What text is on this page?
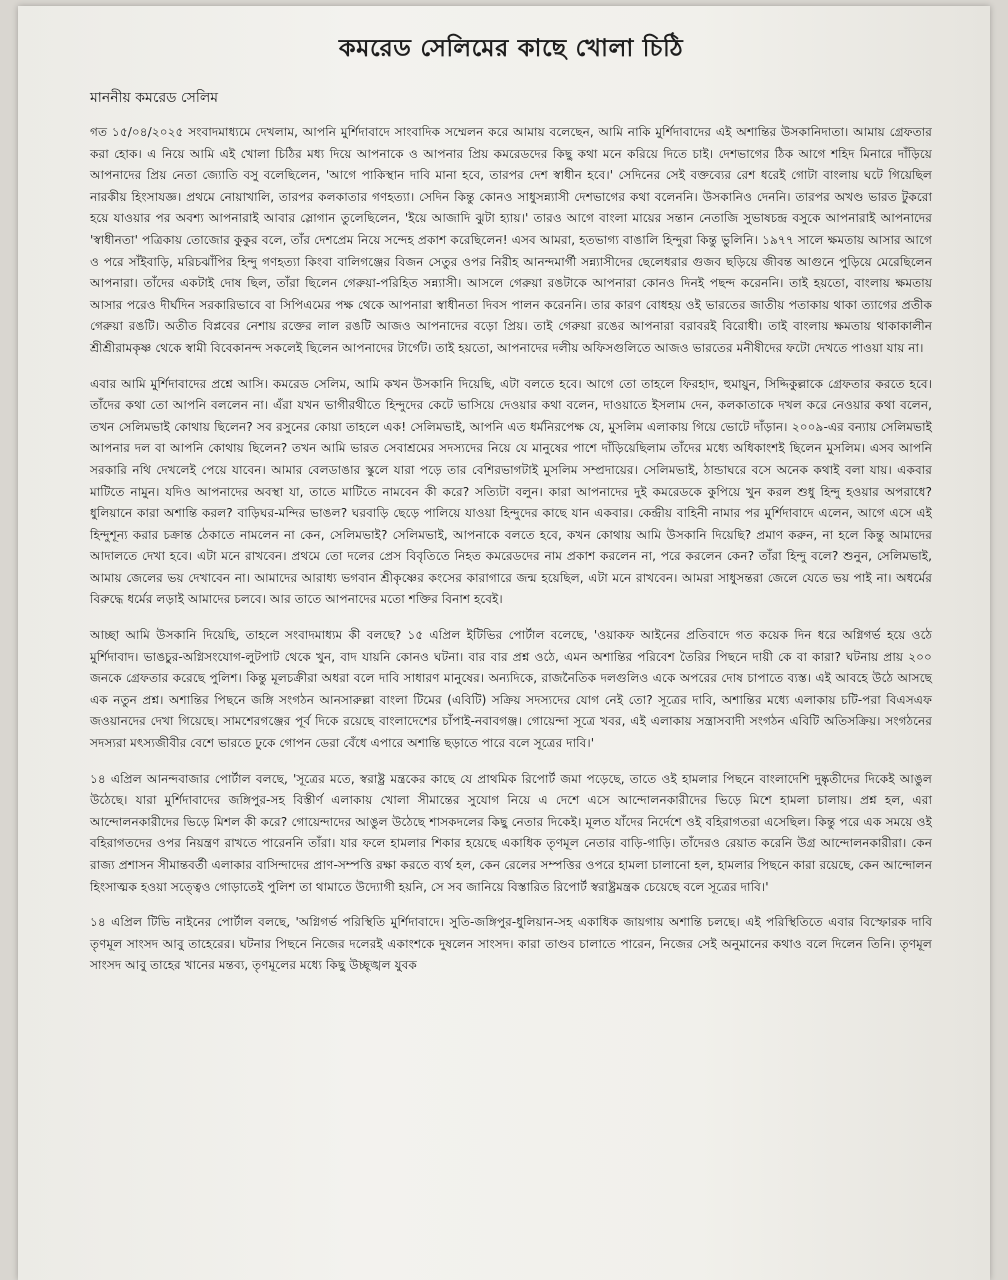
কমরেড সেলিমের কাছে খোলা চিঠি
মাননীয় কমরেড সেলিম

গত ১৫/০৪/২০২৫ সংবাদমাধ্যমে দেখলাম, আপনি মুর্শিদাবাদে সাংবাদিক সম্মেলন করে আমায় বলেছেন, আমি নাকি মুর্শিদাবাদের এই অশান্তির উসকানিদাতা। আমায় গ্রেফতার করা হোক। এ নিয়ে আমি এই খোলা চিঠির মধ্য দিয়ে আপনাকে ও আপনার প্রিয় কমরেডদের কিছু কথা মনে করিয়ে দিতে চাই। দেশভাগের ঠিক আগে শহিদ মিনারে দাঁড়িয়ে আপনাদের প্রিয় নেতা জ্যোতি বসু বলেছিলেন, 'আগে পাকিস্থান দাবি মানা হবে, তারপর দেশ স্বাধীন হবে।' সেদিনের সেই বক্তব্যের রেশ ধরেই গোটা বাংলায় ঘটে গিয়েছিল নারকীয় হিংসাযজ্ঞ। প্রথমে নোয়াখালি, তারপর কলকাতার গণহত্যা। সেদিন কিন্তু কোনও সাধুসন্ন্যাসী দেশভাগের কথা বলেননি। উসকানিও দেননি। তারপর অখণ্ড ভারত টুকরো হয়ে যাওয়ার পর অবশ্য আপনারাই আবার স্লোগান তুলেছিলেন, 'ইয়ে আজাদি ঝুটা হ্যায়।' তারও আগে বাংলা মায়ের সন্তান নেতাজি সুভাষচন্দ্র বসুকে আপনারাই আপনাদের 'স্বাধীনতা' পত্রিকায় তোজোর কুকুর বলে, তাঁর দেশপ্রেম নিয়ে সন্দেহ প্রকাশ করেছিলেন! এসব আমরা, হতভাগ্য বাঙালি হিন্দুরা কিন্তু ভুলিনি। ১৯৭৭ সালে ক্ষমতায় আসার আগে ও পরে সাঁইবাড়ি, মরিচঝাঁপির হিন্দু গণহত্যা কিংবা বালিগঞ্জের বিজন সেতুর ওপর নিরীহ আনন্দমার্গী সন্ন্যাসীদের ছেলেধরার গুজব ছড়িয়ে জীবন্ত আগুনে পুড়িয়ে মেরেছিলেন আপনারা। তাঁদের একটাই দোষ ছিল, তাঁরা ছিলেন গেরুয়া-পরিহিত সন্ন্যাসী। আসলে গেরুয়া রঙটাকে আপনারা কোনও দিনই পছন্দ করেননি। তাই হয়তো, বাংলায় ক্ষমতায় আসার পরেও দীর্ঘদিন সরকারিভাবে বা সিপিএমের পক্ষ থেকে আপনারা স্বাধীনতা দিবস পালন করেননি। তার কারণ বোধহয় ওই ভারতের জাতীয় পতাকায় থাকা ত্যাগের প্রতীক গেরুয়া রঙটি। অতীত বিপ্লবের নেশায় রক্তের লাল রঙটি আজও আপনাদের বড়ো প্রিয়। তাই গেরুয়া রঙের আপনারা বরাবরই বিরোধী। তাই বাংলায় ক্ষমতায় থাকাকালীন শ্রীশ্রীরামকৃষ্ণ থেকে স্বামী বিবেকানন্দ সকলেই ছিলেন আপনাদের টার্গেট। তাই হয়তো, আপনাদের দলীয় অফিসগুলিতে আজও ভারতের মনীষীদের ফটো দেখতে পাওয়া যায় না।

এবার আমি মুর্শিদাবাদের প্রশ্নে আসি। কমরেড সেলিম, আমি কখন উসকানি দিয়েছি, এটা বলতে হবে। আগে তো তাহলে ফিরহাদ, হুমায়ুন, সিদ্দিকুল্লাকে গ্রেফতার করতে হবে। তাঁদের কথা তো আপনি বললেন না। এঁরা যখন ভাগীরথীতে হিন্দুদের কেটে ভাসিয়ে দেওয়ার কথা বলেন, দাওয়াতে ইসলাম দেন, কলকাতাকে দখল করে নেওয়ার কথা বলেন, তখন সেলিমভাই কোথায় ছিলেন? সব রসুনের কোয়া তাহলে এক! সেলিমভাই, আপনি এত ধর্মনিরপেক্ষ যে, মুসলিম এলাকায় গিয়ে ভোটে দাঁড়ান। ২০০৯-এর বন্যায় সেলিমভাই আপনার দল বা আপনি কোথায় ছিলেন? তখন আমি ভারত সেবাশ্রমের সদস্যদের নিয়ে যে মানুষের পাশে দাঁড়িয়েছিলাম তাঁদের মধ্যে অধিকাংশই ছিলেন মুসলিম। এসব আপনি সরকারি নথি দেখলেই পেয়ে যাবেন। আমার বেলডাঙার স্কুলে যারা পড়ে তার বেশিরভাগটাই মুসলিম সম্প্রদায়ের। সেলিমভাই, ঠান্ডাঘরে বসে অনেক কথাই বলা যায়। একবার মাটিতে নামুন। যদিও আপনাদের অবস্থা যা, তাতে মাটিতে নামবেন কী করে? সত্যিটা বলুন। কারা আপনাদের দুই কমরেডকে কুপিয়ে খুন করল শুধু হিন্দু হওয়ার অপরাধে? ধুলিয়ানে কারা অশান্তি করল? বাড়িঘর-মন্দির ভাঙল? ঘরবাড়ি ছেড়ে পালিয়ে যাওয়া হিন্দুদের কাছে যান একবার। কেন্দ্রীয় বাহিনী নামার পর মুর্শিদাবাদে এলেন, আগে এসে এই হিন্দুশূন্য করার চক্রান্ত ঠেকাতে নামলেন না কেন, সেলিমভাই? সেলিমভাই, আপনাকে বলতে হবে, কখন কোথায় আমি উসকানি দিয়েছি? প্রমাণ করুন, না হলে কিন্তু আমাদের আদালতে দেখা হবে। এটা মনে রাখবেন। প্রথমে তো দলের প্রেস বিবৃতিতে নিহত কমরেডদের নাম প্রকাশ করলেন না, পরে করলেন কেন? তাঁরা হিন্দু বলে? শুনুন, সেলিমভাই, আমায় জেলের ভয় দেখাবেন না। আমাদের আরাধ্য ভগবান শ্রীকৃষ্ণের কংসের কারাগারে জন্ম হয়েছিল, এটা মনে রাখবেন। আমরা সাধুসন্তরা জেলে যেতে ভয় পাই না। অধর্মের বিরুদ্ধে ধর্মের লড়াই আমাদের চলবে। আর তাতে আপনাদের মতো শক্তির বিনাশ হবেই।

আচ্ছা আমি উসকানি দিয়েছি, তাহলে সংবাদমাধ্যম কী বলছে? ১৫ এপ্রিল ইটিভির পোর্টাল বলেছে, 'ওয়াকফ আইনের প্রতিবাদে গত কয়েক দিন ধরে অগ্নিগর্ভ হয়ে ওঠে মুর্শিদাবাদ। ভাঙচুর-অগ্নিসংযোগ-লুটপাট থেকে খুন, বাদ যায়নি কোনও ঘটনা। বার বার প্রশ্ন ওঠে, এমন অশান্তির পরিবেশ তৈরির পিছনে দায়ী কে বা কারা? ঘটনায় প্রায় ২০০ জনকে গ্রেফতার করেছে পুলিশ। কিন্তু মূলচক্রীরা অধরা বলে দাবি সাধারণ মানুষের। অন্যদিকে, রাজনৈতিক দলগুলিও একে অপরের দোষ চাপাতে ব্যস্ত। এই আবহে উঠে আসছে এক নতুন প্রশ্ন। অশান্তির পিছনে জঙ্গি সংগঠন আনসারুল্লা বাংলা টিমের (এবিটি) সক্রিয় সদস্যদের যোগ নেই তো? সূত্রের দাবি, অশান্তির মধ্যে এলাকায় চটি-পরা বিএসএফ জওয়ানদের দেখা গিয়েছে। সামশেরগঞ্জের পূর্ব দিকে রয়েছে বাংলাদেশের চাঁপাই-নবাবগঞ্জ। গোয়েন্দা সূত্রে খবর, এই এলাকায় সন্ত্রাসবাদী সংগঠন এবিটি অতিসক্রিয়। সংগঠনের সদস্যরা মৎস্যজীবীর বেশে ভারতে ঢুকে গোপন ডেরা বেঁধে এপারে অশান্তি ছড়াতে পারে বলে সূত্রের দাবি।'

১৪ এপ্রিল আনন্দবাজার পোর্টাল বলছে, 'সূত্রের মতে, স্বরাষ্ট্র মন্ত্রকের কাছে যে প্রাথমিক রিপোর্ট জমা পড়েছে, তাতে ওই হামলার পিছনে বাংলাদেশি দুষ্কৃতীদের দিকেই আঙুল উঠেছে। যারা মুর্শিদাবাদের জঙ্গিপুর-সহ বিস্তীর্ণ এলাকায় খোলা সীমান্তের সুযোগ নিয়ে এ দেশে এসে আন্দোলনকারীদের ভিড়ে মিশে হামলা চালায়। প্রশ্ন হল, এরা আন্দোলনকারীদের ভিড়ে মিশল কী করে? গোয়েন্দাদের আঙুল উঠেছে শাসকদলের কিছু নেতার দিকেই। মূলত যাঁদের নির্দেশে ওই বহিরাগতরা এসেছিল। কিন্তু পরে এক সময়ে ওই বহিরাগতদের ওপর নিয়ন্ত্রণ রাখতে পারেননি তাঁরা। যার ফলে হামলার শিকার হয়েছে একাধিক তৃণমূল নেতার বাড়ি-গাড়ি। তাঁদেরও রেয়াত করেনি উগ্র আন্দোলনকারীরা। কেন রাজ্য প্রশাসন সীমান্তবর্তী এলাকার বাসিন্দাদের প্রাণ-সম্পত্তি রক্ষা করতে ব্যর্থ হল, কেন রেলের সম্পত্তির ওপরে হামলা চালানো হল, হামলার পিছনে কারা রয়েছে, কেন আন্দোলন হিংসাত্মক হওয়া সত্ত্বেও গোড়াতেই পুলিশ তা থামাতে উদ্যোগী হয়নি, সে সব জানিয়ে বিস্তারিত রিপোর্ট স্বরাষ্ট্রমন্ত্রক চেয়েছে বলে সূত্রের দাবি।'

১৪ এপ্রিল টিভি নাইনের পোর্টাল বলছে, 'অগ্নিগর্ভ পরিস্থিতি মুর্শিদাবাদে। সুতি-জঙ্গিপুর-ধুলিয়ান-সহ একাধিক জায়গায় অশান্তি চলছে। এই পরিস্থিতিতে এবার বিস্ফোরক দাবি তৃণমূল সাংসদ আবু তাহেরের। ঘটনার পিছনে নিজের দলেরই একাংশকে দুষলেন সাংসদ। কারা তাণ্ডব চালাতে পারেন, নিজের সেই অনুমানের কথাও বলে দিলেন তিনি। তৃণমূল সাংসদ আবু তাহের খানের মন্তব্য, তৃণমূলের মধ্যে কিছু উচ্ছৃঙ্খল যুবক
